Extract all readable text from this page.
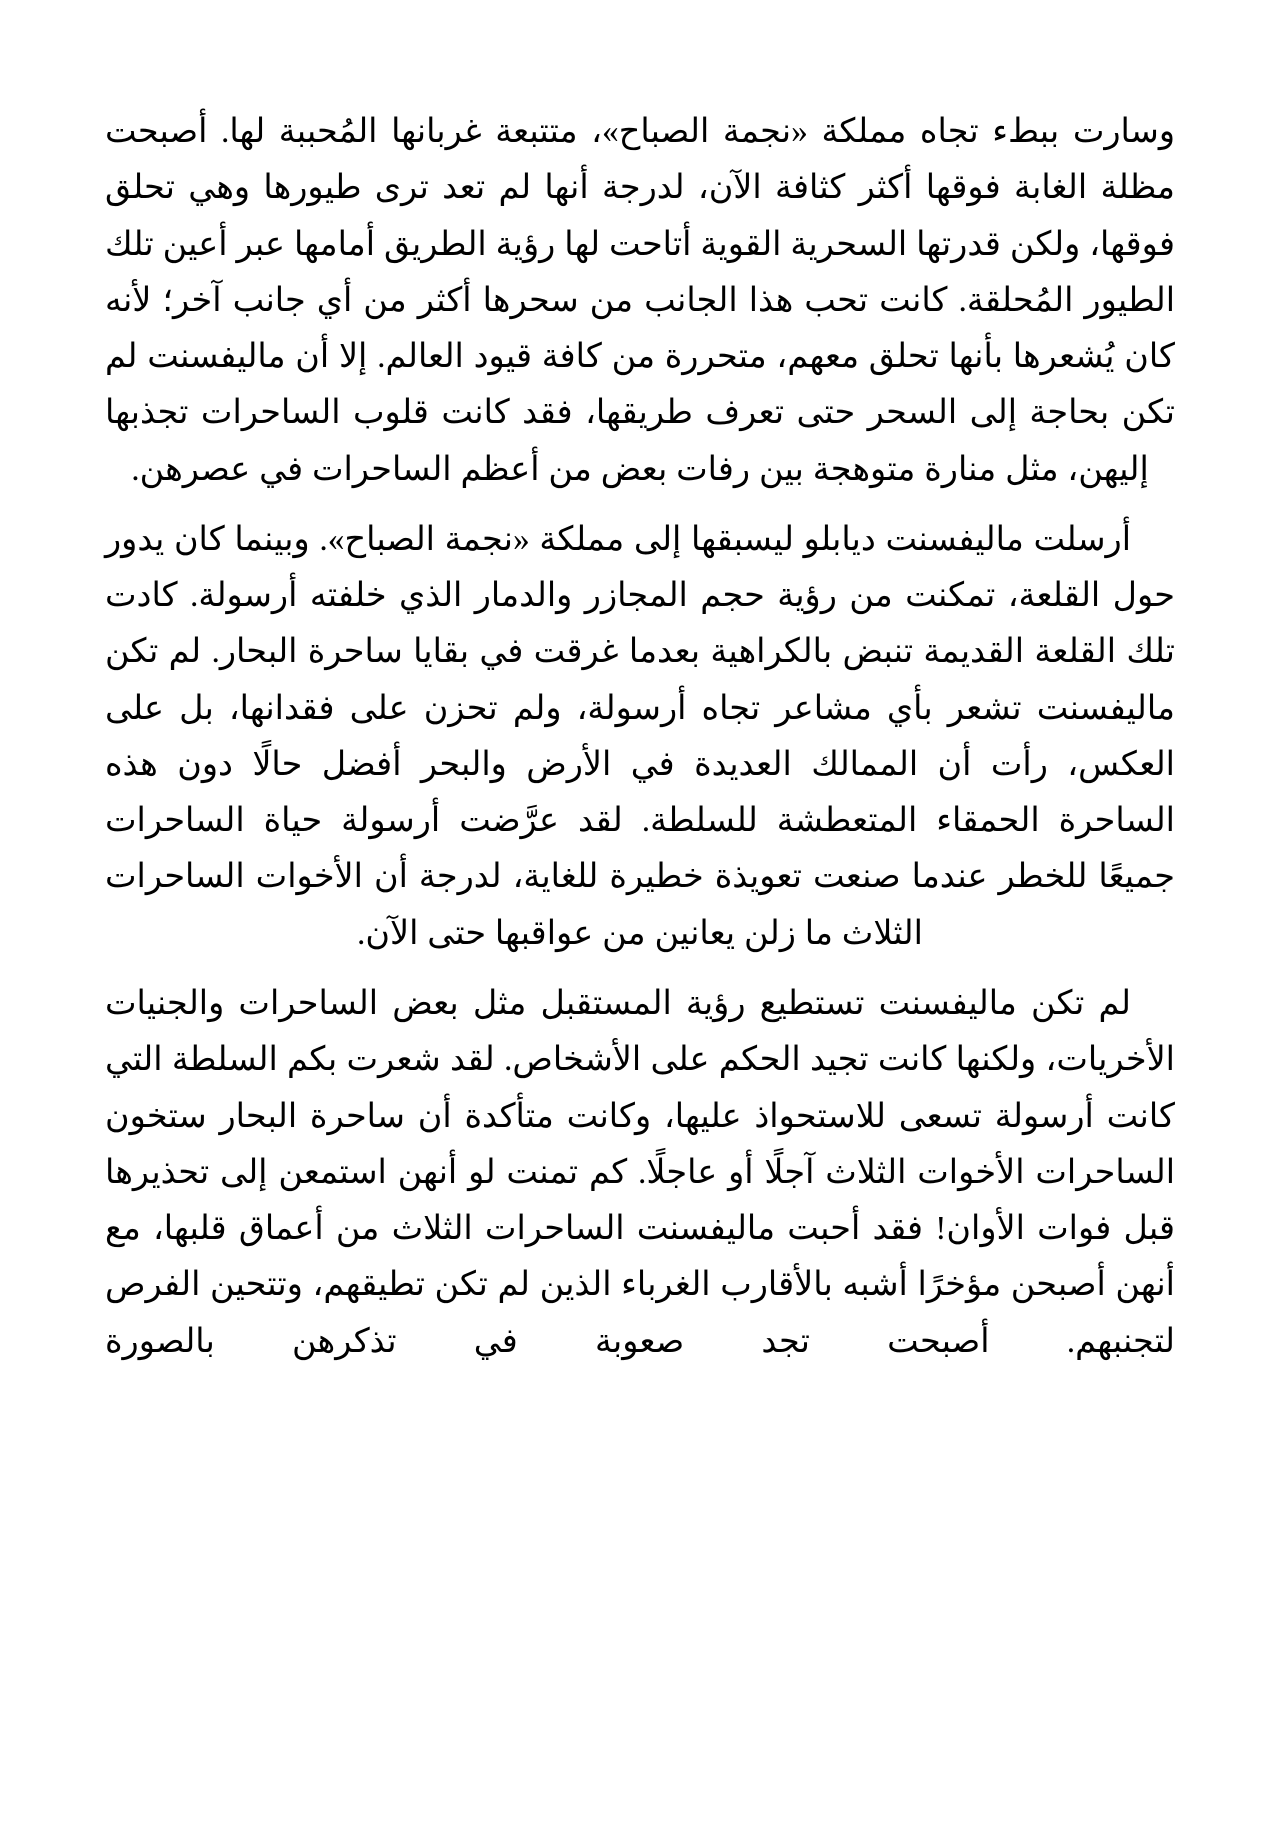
وسارت ببطء تجاه مملكة «نجمة الصباح»، متتبعة غربانها المُحببة لها. أصبحت مظلة الغابة فوقها أكثر كثافة الآن، لدرجة أنها لم تعد ترى طيورها وهي تحلق فوقها، ولكن قدرتها السحرية القوية أتاحت لها رؤية الطريق أمامها عبر أعين تلك الطيور المُحلقة. كانت تحب هذا الجانب من سحرها أكثر من أي جانب آخر؛ لأنه كان يُشعرها بأنها تحلق معهم، متحررة من كافة قيود العالم. إلا أن ماليفسنت لم تكن بحاجة إلى السحر حتى تعرف طريقها، فقد كانت قلوب الساحرات تجذبها إليهن، مثل منارة متوهجة بين رفات بعض من أعظم الساحرات في عصرهن.

أرسلت ماليفسنت ديابلو ليسبقها إلى مملكة «نجمة الصباح». وبينما كان يدور حول القلعة، تمكنت من رؤية حجم المجازر والدمار الذي خلفته أرسولة. كادت تلك القلعة القديمة تنبض بالكراهية بعدما غرقت في بقايا ساحرة البحار. لم تكن ماليفسنت تشعر بأي مشاعر تجاه أرسولة، ولم تحزن على فقدانها، بل على العكس، رأت أن الممالك العديدة في الأرض والبحر أفضل حالًا دون هذه الساحرة الحمقاء المتعطشة للسلطة. لقد عرَّضت أرسولة حياة الساحرات جميعًا للخطر عندما صنعت تعويذة خطيرة للغاية، لدرجة أن الأخوات الساحرات الثلاث ما زلن يعانين من عواقبها حتى الآن.

لم تكن ماليفسنت تستطيع رؤية المستقبل مثل بعض الساحرات والجنيات الأخريات، ولكنها كانت تجيد الحكم على الأشخاص. لقد شعرت بكم السلطة التي كانت أرسولة تسعى للاستحواذ عليها، وكانت متأكدة أن ساحرة البحار ستخون الساحرات الأخوات الثلاث آجلًا أو عاجلًا. كم تمنت لو أنهن استمعن إلى تحذيرها قبل فوات الأوان! فقد أحبت ماليفسنت الساحرات الثلاث من أعماق قلبها، مع أنهن أصبحن مؤخرًا أشبه بالأقارب الغرباء الذين لم تكن تطيقهم، وتتحين الفرص لتجنبهم. أصبحت تجد صعوبة في تذكرهن بالصورة
